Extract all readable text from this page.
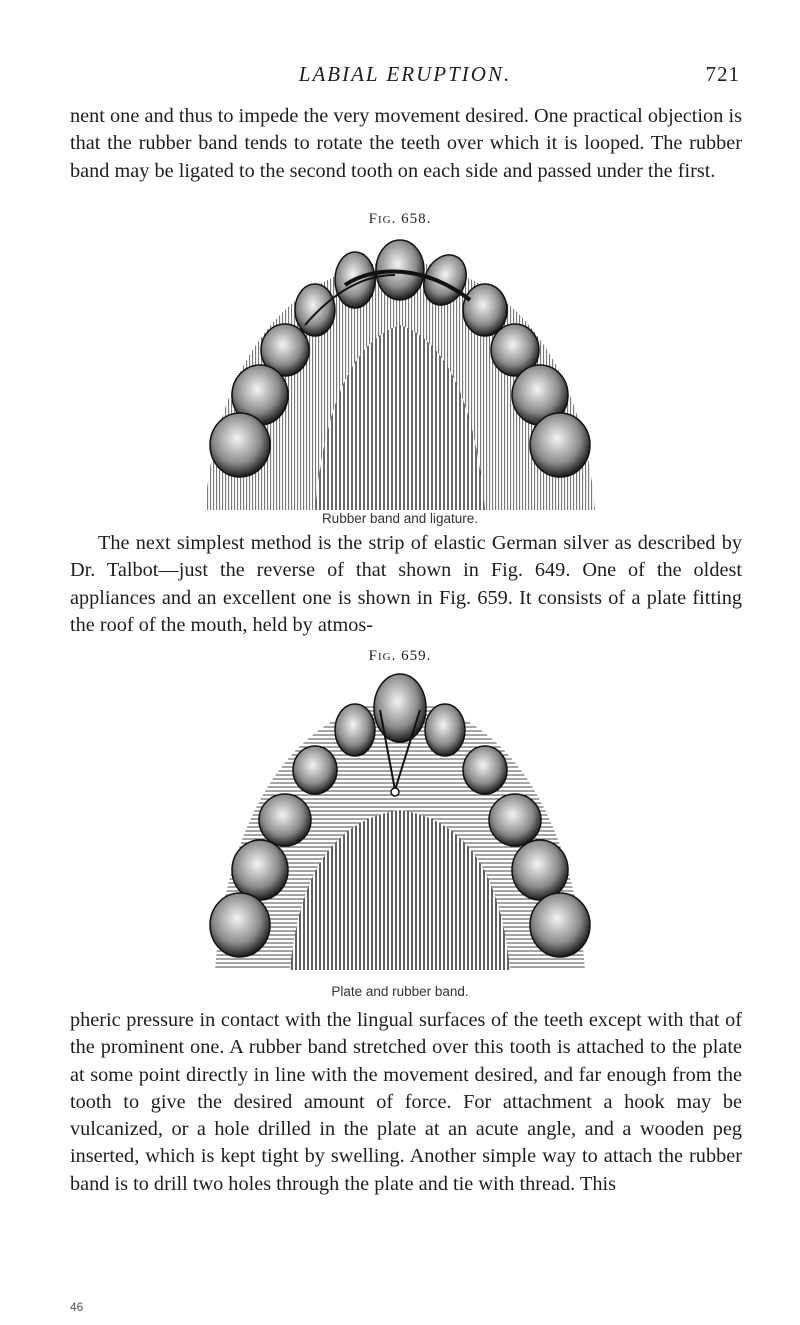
LABIAL ERUPTION.	721

nent one and thus to impede the very movement desired. One practical objection is that the rubber band tends to rotate the teeth over which it is looped. The rubber band may be ligated to the second tooth on each side and passed under the first.

Fig. 658.
Rubber band and ligature.

The next simplest method is the strip of elastic German silver as described by Dr. Talbot—just the reverse of that shown in Fig. 649. One of the oldest appliances and an excellent one is shown in Fig. 659. It consists of a plate fitting the roof of the mouth, held by atmos-

Fig. 659.
Plate and rubber band.

pheric pressure in contact with the lingual surfaces of the teeth except with that of the prominent one. A rubber band stretched over this tooth is attached to the plate at some point directly in line with the movement desired, and far enough from the tooth to give the desired amount of force. For attachment a hook may be vulcanized, or a hole drilled in the plate at an acute angle, and a wooden peg inserted, which is kept tight by swelling. Another simple way to attach the rubber band is to drill two holes through the plate and tie with thread. This

46
